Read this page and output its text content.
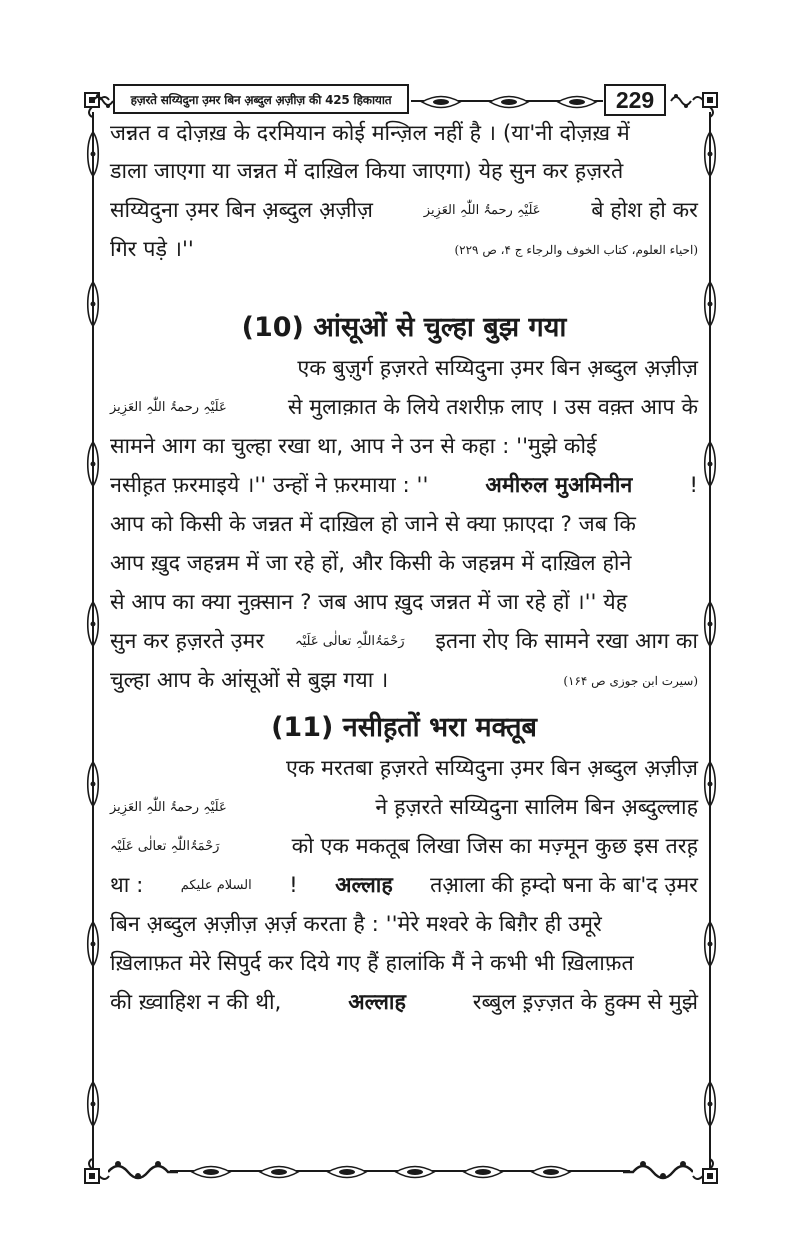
हज़रते सय्यिदुना उ़मर बिन अ़ब्दुल अ़ज़ीज़ की 425 हिकायात	229
जन्नत व दोज़ख़ के दरमियान कोई मन्ज़िल नहीं है । (या'नी दोज़ख़ में
डाला जाएगा या जन्नत में दाख़िल किया जाएगा) येह सुन कर ह़ज़रते
सय्यिदुना उ़मर बिन अ़ब्दुल अ़ज़ीज़	عَلَیْہِ رحمۃُ اللّٰہِ العَزِیز बे होश हो कर
गिर पड़े ।''	(احیاء العلوم، کتاب الخوف والرجاء ج ۴، ص ۲۲۹)
(10) आंसूओं से चुल्हा बुझ गया
एक बुज़ुर्ग ह़ज़रते सय्यिदुना उ़मर बिन अ़ब्दुल अ़ज़ीज़
عَلَیْہِ رحمۃُ اللّٰہِ العَزِیز	से मुलाक़ात के लिये तशरीफ़ लाए । उस वक़्त आप के
सामने आग का चुल्हा रखा था, आप ने उन से कहा : ''मुझे कोई
नसीह़त फ़रमाइये ।'' उन्हों ने फ़रमाया : ''	अमीरुल मुअमिनीन	!
आप को किसी के जन्नत में दाख़िल हो जाने से क्या फ़ाएदा ? जब कि
आप ख़ुद जहन्नम में जा रहे हों, और किसी के जहन्नम में दाख़िल होने
से आप का क्या नुक़्सान ? जब आप ख़ुद जन्नत में जा रहे हों ।'' येह
सुन कर ह़ज़रते उ़मर رَحْمَۃُاللّٰہِ تعالٰی عَلَیْہ इतना रोए कि सामने रखा आग का
चुल्हा आप के आंसूओं से बुझ गया ।	(سیرت ابن جوزی ص ۱۶۴)
(11) नसीह़तों भरा मक्तूब
एक मरतबा ह़ज़रते सय्यिदुना उ़मर बिन अ़ब्दुल अ़ज़ीज़
عَلَیْہِ رحمۃُ اللّٰہِ العَزِیز	ने ह़ज़रते सय्यिदुना सालिम बिन अ़ब्दुल्लाह
رَحْمَۃُاللّٰہِ تعالٰی عَلَیْہ	को एक मकतूब लिखा जिस का मज़्मून कुछ इस तरह़
था :	السلام علیکم ! अल्लाह तआ़ला की ह़म्दो षना के बा'द उ़मर
बिन अ़ब्दुल अ़ज़ीज़ अ़र्ज़ करता है : ''मेरे मश्वरे के बिग़ैर ही उमूरे
ख़िलाफ़त मेरे सिपुर्द कर दिये गए हैं हालांकि मैं ने कभी भी ख़िलाफ़त
की ख़्वाहिश न की थी,	अल्लाह	रब्बुल इ़ज़्ज़त के हुक्म से मुझे
